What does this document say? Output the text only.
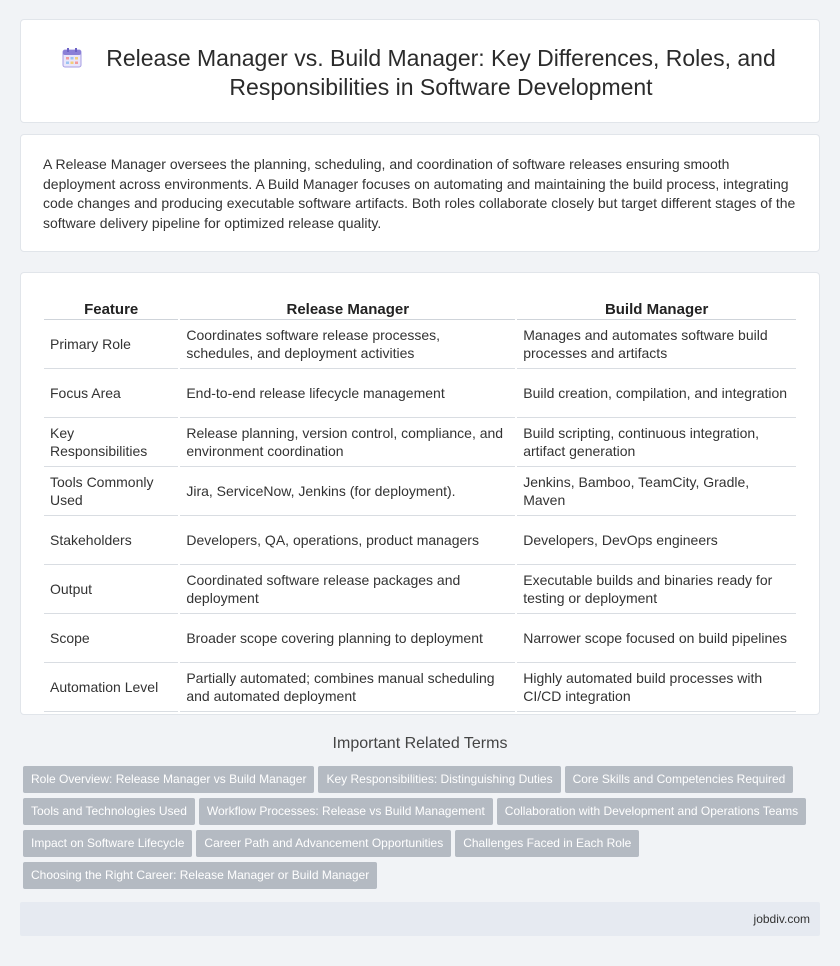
Release Manager vs. Build Manager: Key Differences, Roles, and Responsibilities in Software Development

A Release Manager oversees the planning, scheduling, and coordination of software releases ensuring smooth deployment across environments. A Build Manager focuses on automating and maintaining the build process, integrating code changes and producing executable software artifacts. Both roles collaborate closely but target different stages of the software delivery pipeline for optimized release quality.

Feature	Release Manager	Build Manager
Primary Role	Coordinates software release processes, schedules, and deployment activities	Manages and automates software build processes and artifacts
Focus Area	End-to-end release lifecycle management	Build creation, compilation, and integration
Key Responsibilities	Release planning, version control, compliance, and environment coordination	Build scripting, continuous integration, artifact generation
Tools Commonly Used	Jira, ServiceNow, Jenkins (for deployment).	Jenkins, Bamboo, TeamCity, Gradle, Maven
Stakeholders	Developers, QA, operations, product managers	Developers, DevOps engineers
Output	Coordinated software release packages and deployment	Executable builds and binaries ready for testing or deployment
Scope	Broader scope covering planning to deployment	Narrower scope focused on build pipelines
Automation Level	Partially automated; combines manual scheduling and automated deployment	Highly automated build processes with CI/CD integration
Important Related Terms
Role Overview: Release Manager vs Build Manager Key Responsibilities: Distinguishing Duties Core Skills and Competencies Required
Tools and Technologies Used Workflow Processes: Release vs Build Management Collaboration with Development and Operations Teams
Impact on Software Lifecycle Career Path and Advancement Opportunities Challenges Faced in Each Role
Choosing the Right Career: Release Manager or Build Manager
jobdiv.com
